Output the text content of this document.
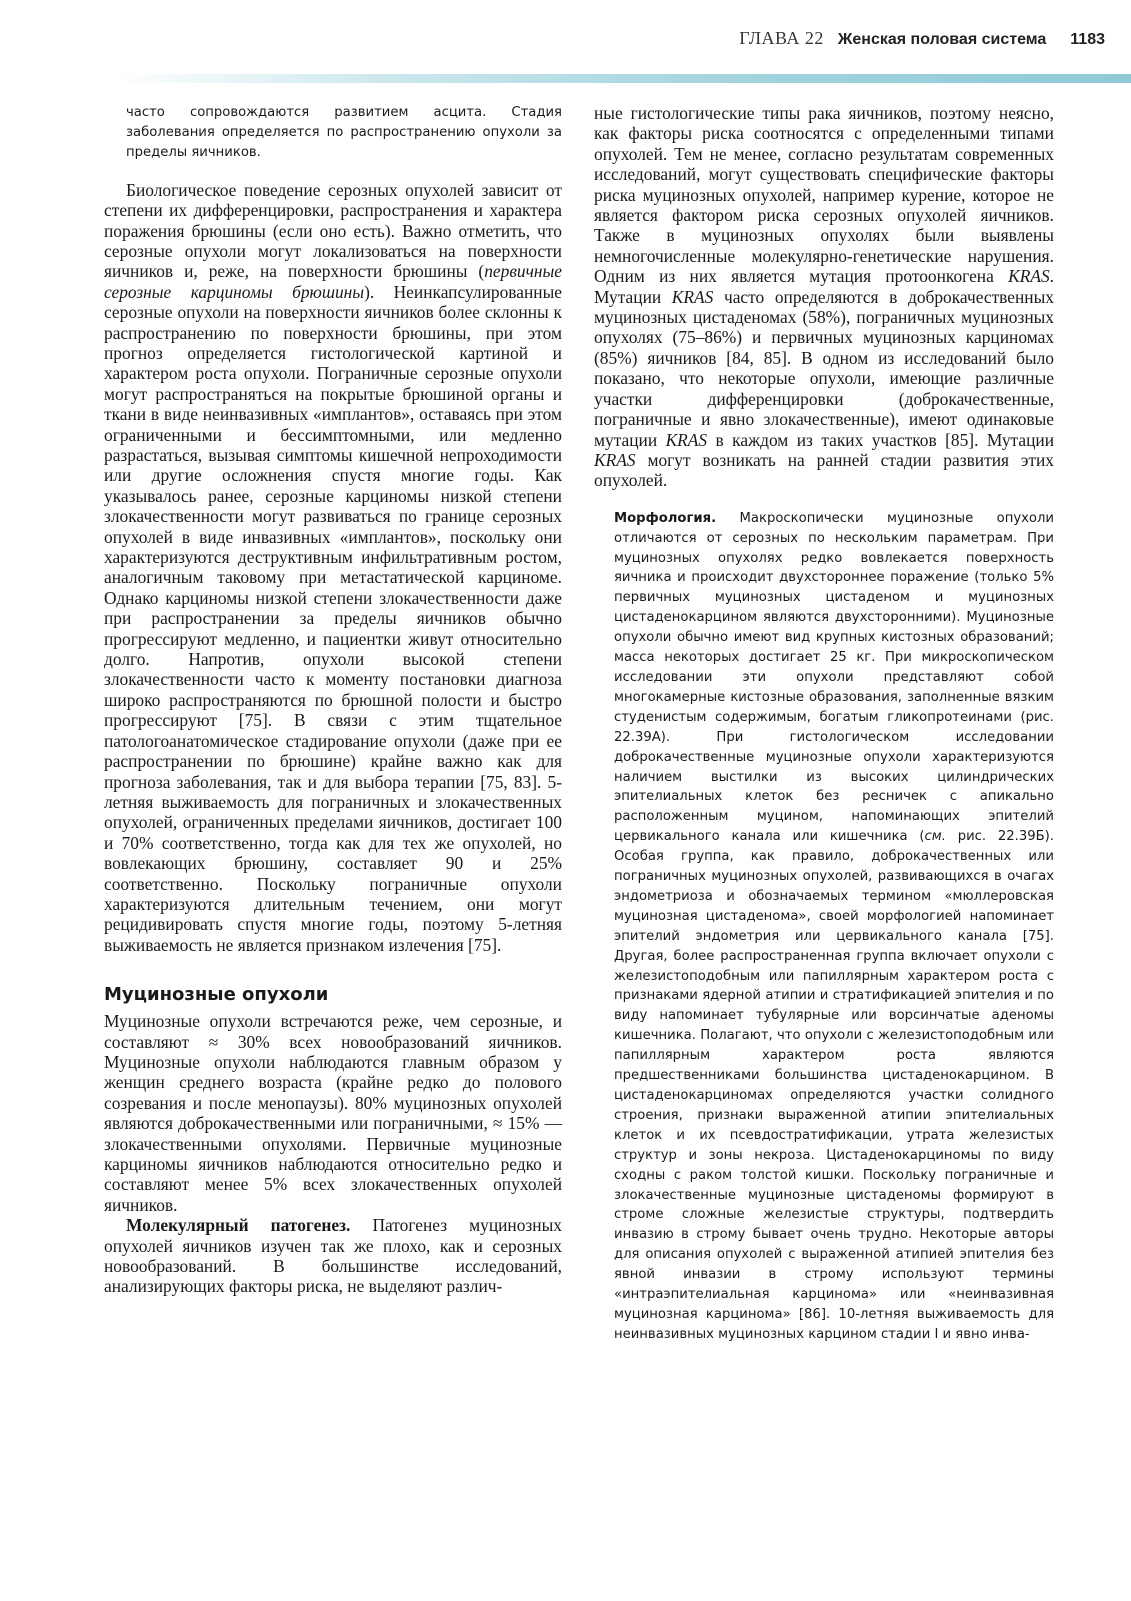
ГЛАВА 22 Женская половая система 1183

часто сопровождаются развитием асцита. Стадия заболевания определяется по распространению опухоли за пределы яичников.

Биологическое поведение серозных опухолей зависит от степени их дифференцировки, распространения и характера поражения брюшины (если оно есть). Важно отметить, что серозные опухоли могут локализоваться на поверхности яичников и, реже, на поверхности брюшины (первичные серозные карциномы брюшины). Неинкапсулированные серозные опухоли на поверхности яичников более склонны к распространению по поверхности брюшины, при этом прогноз определяется гистологической картиной и характером роста опухоли. Пограничные серозные опухоли могут распространяться на покрытые брюшиной органы и ткани в виде неинвазивных «имплантов», оставаясь при этом ограниченными и бессимптомными, или медленно разрастаться, вызывая симптомы кишечной непроходимости или другие осложнения спустя многие годы. Как указывалось ранее, серозные карциномы низкой степени злокачественности могут развиваться по границе серозных опухолей в виде инвазивных «имплантов», поскольку они характеризуются деструктивным инфильтративным ростом, аналогичным таковому при метастатической карциноме. Однако карциномы низкой степени злокачественности даже при распространении за пределы яичников обычно прогрессируют медленно, и пациентки живут относительно долго. Напротив, опухоли высокой степени злокачественности часто к моменту постановки диагноза широко распространяются по брюшной полости и быстро прогрессируют [75]. В связи с этим тщательное патологоанатомическое стадирование опухоли (даже при ее распространении по брюшине) крайне важно как для прогноза заболевания, так и для выбора терапии [75, 83]. 5-летняя выживаемость для пограничных и злокачественных опухолей, ограниченных пределами яичников, достигает 100 и 70% соответственно, тогда как для тех же опухолей, но вовлекающих брюшину, составляет 90 и 25% соответственно. Поскольку пограничные опухоли характеризуются длительным течением, они могут рецидивировать спустя многие годы, поэтому 5-летняя выживаемость не является признаком излечения [75].

Муцинозные опухоли

Муцинозные опухоли встречаются реже, чем серозные, и составляют ≈ 30% всех новообразований яичников. Муцинозные опухоли наблюдаются главным образом у женщин среднего возраста (крайне редко до полового созревания и после менопаузы). 80% муцинозных опухолей являются доброкачественными или пограничными, ≈ 15% — злокачественными опухолями. Первичные муцинозные карциномы яичников наблюдаются относительно редко и составляют менее 5% всех злокачественных опухолей яичников.

Молекулярный патогенез. Патогенез муцинозных опухолей яичников изучен так же плохо, как и серозных новообразований. В большинстве исследований, анализирующих факторы риска, не выделяют различ-

ные гистологические типы рака яичников, поэтому неясно, как факторы риска соотносятся с определенными типами опухолей. Тем не менее, согласно результатам современных исследований, могут существовать специфические факторы риска муцинозных опухолей, например курение, которое не является фактором риска серозных опухолей яичников. Также в муцинозных опухолях были выявлены немногочисленные молекулярно-генетические нарушения. Одним из них является мутация протоонкогена KRAS. Мутации KRAS часто определяются в доброкачественных муцинозных цистаденомах (58%), пограничных муцинозных опухолях (75–86%) и первичных муцинозных карциномах (85%) яичников [84, 85]. В одном из исследований было показано, что некоторые опухоли, имеющие различные участки дифференцировки (доброкачественные, пограничные и явно злокачественные), имеют одинаковые мутации KRAS в каждом из таких участков [85]. Мутации KRAS могут возникать на ранней стадии развития этих опухолей.

Морфология. Макроскопически муцинозные опухоли отличаются от серозных по нескольким параметрам. При муцинозных опухолях редко вовлекается поверхность яичника и происходит двухстороннее поражение (только 5% первичных муцинозных цистаденом и муцинозных цистаденокарцином являются двухсторонними). Муцинозные опухоли обычно имеют вид крупных кистозных образований; масса некоторых достигает 25 кг. При микроскопическом исследовании эти опухоли представляют собой многокамерные кистозные образования, заполненные вязким студенистым содержимым, богатым гликопротеинами (рис. 22.39А). При гистологическом исследовании доброкачественные муцинозные опухоли характеризуются наличием выстилки из высоких цилиндрических эпителиальных клеток без ресничек с апикально расположенным муцином, напоминающих эпителий цервикального канала или кишечника (см. рис. 22.39Б). Особая группа, как правило, доброкачественных или пограничных муцинозных опухолей, развивающихся в очагах эндометриоза и обозначаемых термином «мюллеровская муцинозная цистаденома», своей морфологией напоминает эпителий эндометрия или цервикального канала [75]. Другая, более распространенная группа включает опухоли с железистоподобным или папиллярным характером роста с признаками ядерной атипии и стратификацией эпителия и по виду напоминает тубулярные или ворсинчатые аденомы кишечника. Полагают, что опухоли с железистоподобным или папиллярным характером роста являются предшественниками большинства цистаденокарцином. В цистаденокарциномах определяются участки солидного строения, признаки выраженной атипии эпителиальных клеток и их псевдостратификации, утрата железистых структур и зоны некроза. Цистаденокарциномы по виду сходны с раком толстой кишки. Поскольку пограничные и злокачественные муцинозные цистаденомы формируют в строме сложные железистые структуры, подтвердить инвазию в строму бывает очень трудно. Некоторые авторы для описания опухолей с выраженной атипией эпителия без явной инвазии в строму используют термины «интраэпителиальная карцинома» или «неинвазивная муцинозная карцинома» [86]. 10-летняя выживаемость для неинвазивных муцинозных карцином стадии I и явно инва-
